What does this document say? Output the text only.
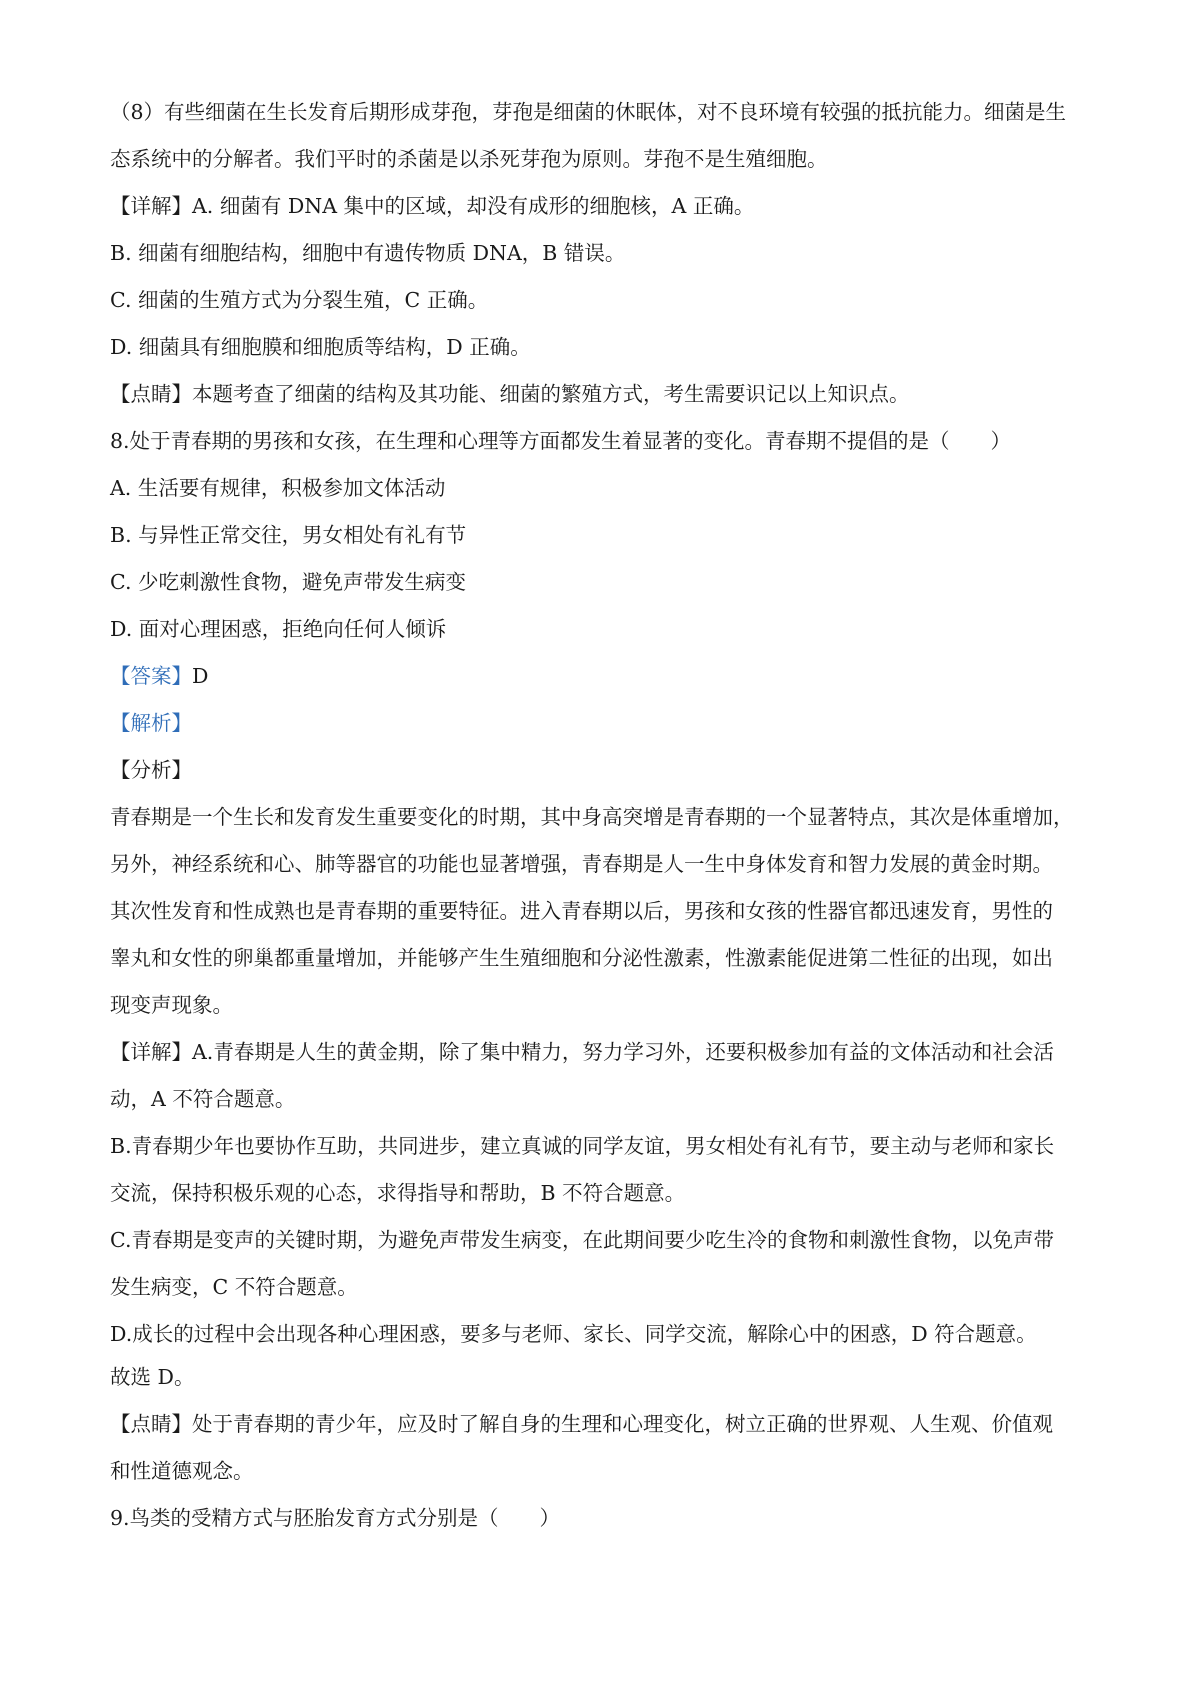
（8）有些细菌在生长发育后期形成芽孢，芽孢是细菌的休眠体，对不良环境有较强的抵抗能力。细菌是生

态系统中的分解者。我们平时的杀菌是以杀死芽孢为原则。芽孢不是生殖细胞。

【详解】A. 细菌有 DNA 集中的区域，却没有成形的细胞核，A 正确。

B. 细菌有细胞结构，细胞中有遗传物质 DNA，B 错误。

C. 细菌的生殖方式为分裂生殖，C 正确。

D. 细菌具有细胞膜和细胞质等结构，D 正确。

【点睛】本题考查了细菌的结构及其功能、细菌的繁殖方式，考生需要识记以上知识点。

8.处于青春期的男孩和女孩，在生理和心理等方面都发生着显著的变化。青春期不提倡的是（　　）

A. 生活要有规律，积极参加文体活动

B. 与异性正常交往，男女相处有礼有节

C. 少吃刺激性食物，避免声带发生病变

D. 面对心理困惑，拒绝向任何人倾诉

【答案】D

【解析】

【分析】

青春期是一个生长和发育发生重要变化的时期，其中身高突增是青春期的一个显著特点，其次是体重增加，

另外，神经系统和心、肺等器官的功能也显著增强，青春期是人一生中身体发育和智力发展的黄金时期。

其次性发育和性成熟也是青春期的重要特征。进入青春期以后，男孩和女孩的性器官都迅速发育，男性的

睾丸和女性的卵巢都重量增加，并能够产生生殖细胞和分泌性激素，性激素能促进第二性征的出现，如出

现变声现象。

【详解】A.青春期是人生的黄金期，除了集中精力，努力学习外，还要积极参加有益的文体活动和社会活

动，A 不符合题意。

B.青春期少年也要协作互助，共同进步，建立真诚的同学友谊，男女相处有礼有节，要主动与老师和家长

交流，保持积极乐观的心态，求得指导和帮助，B 不符合题意。

C.青春期是变声的关键时期，为避免声带发生病变，在此期间要少吃生冷的食物和刺激性食物，以免声带

发生病变，C 不符合题意。

D.成长的过程中会出现各种心理困惑，要多与老师、家长、同学交流，解除心中的困惑，D 符合题意。

故选 D。

【点睛】处于青春期的青少年，应及时了解自身的生理和心理变化，树立正确的世界观、人生观、价值观

和性道德观念。

9.鸟类的受精方式与胚胎发育方式分别是（　　）
